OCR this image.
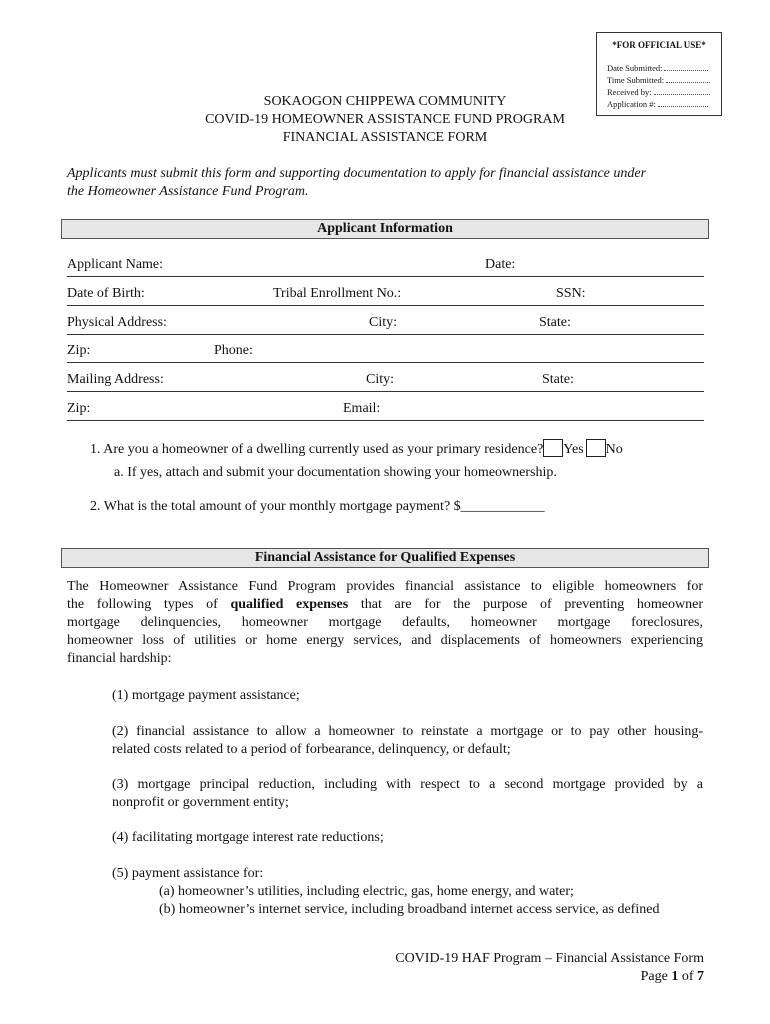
*FOR OFFICIAL USE*
Date Submitted:
Time Submitted:
Received by:
Application #:
SOKAOGON CHIPPEWA COMMUNITY
COVID-19 HOMEOWNER ASSISTANCE FUND PROGRAM
FINANCIAL ASSISTANCE FORM
Applicants must submit this form and supporting documentation to apply for financial assistance under
the Homeowner Assistance Fund Program.
Applicant Information
Applicant Name:	Date:
Date of Birth:	Tribal Enrollment No.:	SSN:
Physical Address:	City:	State:
Zip:	Phone:
Mailing Address:	City:	State:
Zip:	Email:
1. Are you a homeowner of a dwelling currently used as your primary residence? Yes No
a. If yes, attach and submit your documentation showing your homeownership.
2. What is the total amount of your monthly mortgage payment? $____________
Financial Assistance for Qualified Expenses
The Homeowner Assistance Fund Program provides financial assistance to eligible homeowners for
the following types of qualified expenses that are for the purpose of preventing homeowner
mortgage delinquencies, homeowner mortgage defaults, homeowner mortgage foreclosures,
homeowner loss of utilities or home energy services, and displacements of homeowners experiencing
financial hardship:
(1) mortgage payment assistance;
(2) financial assistance to allow a homeowner to reinstate a mortgage or to pay other housing-
related costs related to a period of forbearance, delinquency, or default;
(3) mortgage principal reduction, including with respect to a second mortgage provided by a
nonprofit or government entity;
(4) facilitating mortgage interest rate reductions;
(5) payment assistance for:
(a) homeowner’s utilities, including electric, gas, home energy, and water;
(b) homeowner’s internet service, including broadband internet access service, as defined
COVID-19 HAF Program – Financial Assistance Form
Page 1 of 7
